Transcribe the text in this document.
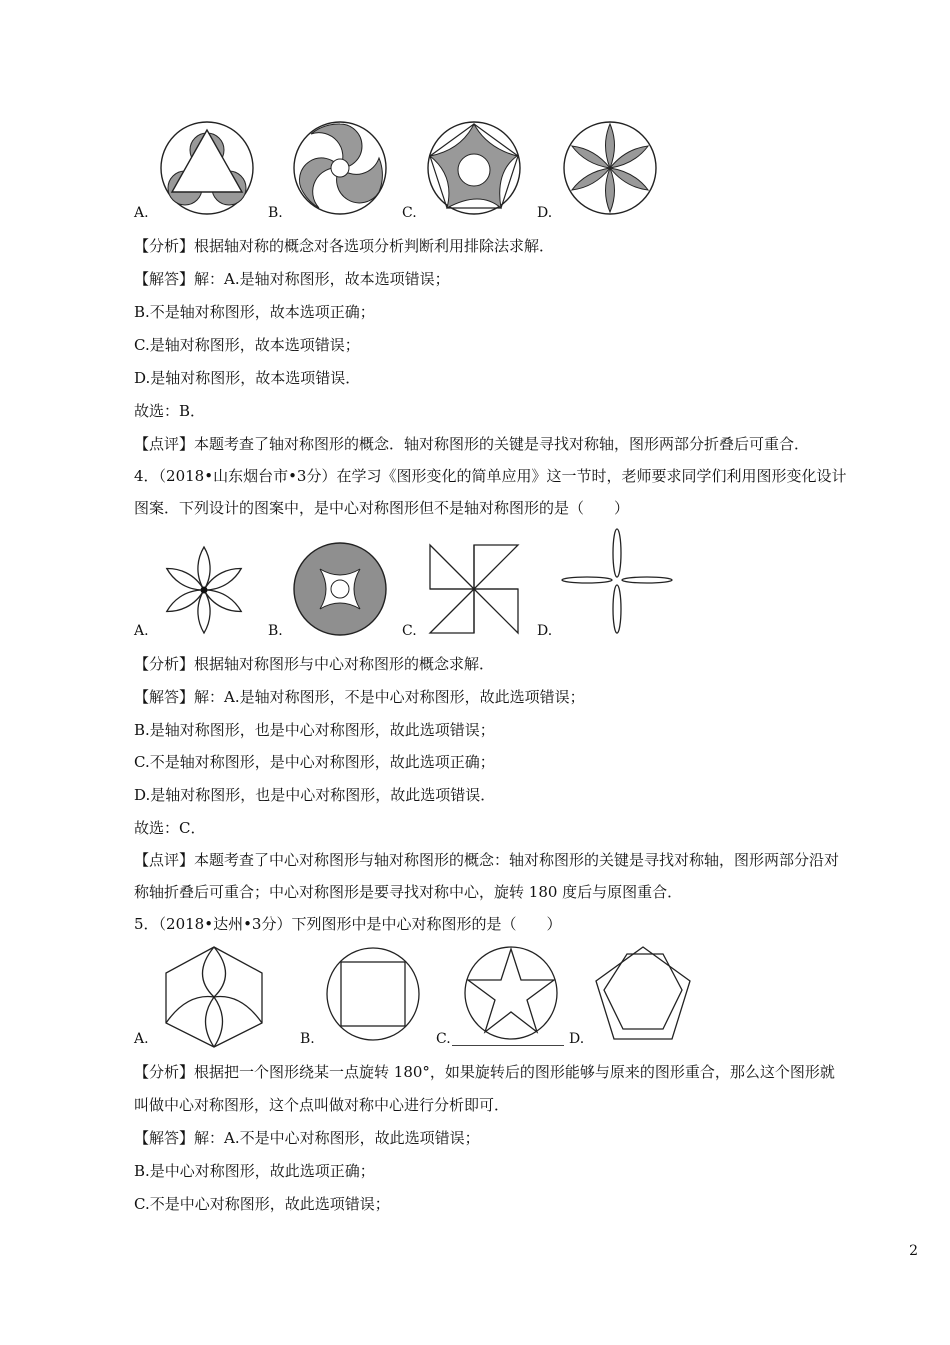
A.	B.	C.	D.
【分析】根据轴对称的概念对各选项分析判断利用排除法求解．
【解答】解：A.是轴对称图形，故本选项错误；
B.不是轴对称图形，故本选项正确；
C.是轴对称图形，故本选项错误；
D.是轴对称图形，故本选项错误．
故选：B．
【点评】本题考查了轴对称图形的概念．轴对称图形的关键是寻找对称轴，图形两部分折叠后可重合．
4．（2018•山东烟台市•3分）在学习《图形变化的简单应用》这一节时，老师要求同学们利用图形变化设计
图案．下列设计的图案中，是中心对称图形但不是轴对称图形的是（　　）
A.	B.	C.	D.
【分析】根据轴对称图形与中心对称图形的概念求解．
【解答】解：A.是轴对称图形，不是中心对称图形，故此选项错误；
B.是轴对称图形，也是中心对称图形，故此选项错误；
C.不是轴对称图形，是中心对称图形，故此选项正确；
D.是轴对称图形，也是中心对称图形，故此选项错误．
故选：C．
【点评】本题考查了中心对称图形与轴对称图形的概念：轴对称图形的关键是寻找对称轴，图形两部分沿对
称轴折叠后可重合；中心对称图形是要寻找对称中心，旋转 180 度后与原图重合．
5．（2018•达州•3分）下列图形中是中心对称图形的是（　　）
A.	B.	C.	D.
【分析】根据把一个图形绕某一点旋转 180°，如果旋转后的图形能够与原来的图形重合，那么这个图形就
叫做中心对称图形，这个点叫做对称中心进行分析即可．
【解答】解：A.不是中心对称图形，故此选项错误；
B.是中心对称图形，故此选项正确；
C.不是中心对称图形，故此选项错误；
2
